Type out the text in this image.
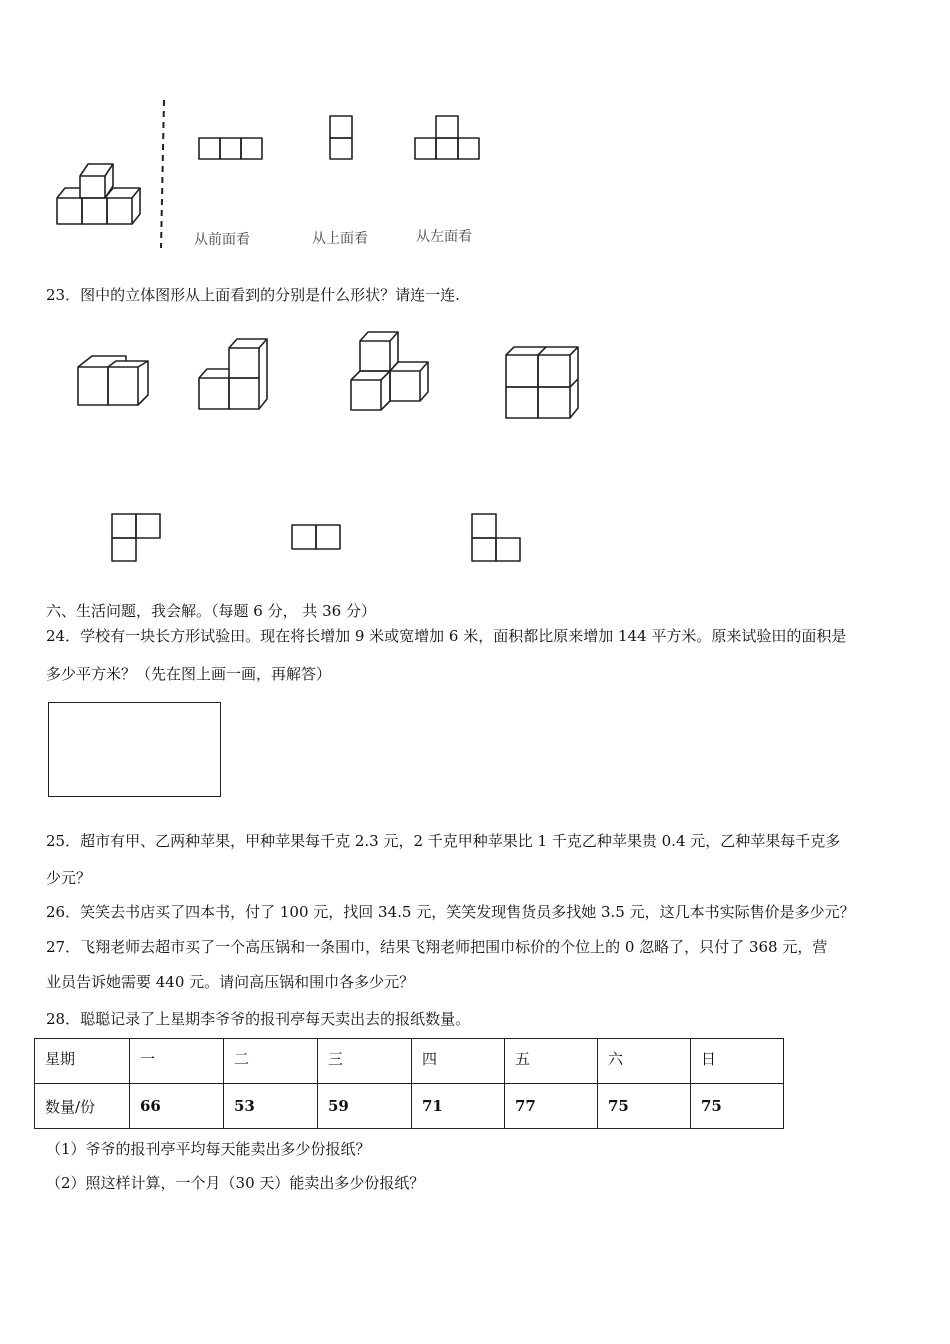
从前面看	从上面看	从左面看
23．图中的立体图形从上面看到的分别是什么形状？请连一连.
六、生活问题，我会解。（每题 6 分， 共 36 分）
24．学校有一块长方形试验田。现在将长增加 9 米或宽增加 6 米，面积都比原来增加 144 平方米。原来试验田的面积是
多少平方米？（先在图上画一画，再解答）
25．超市有甲、乙两种苹果，甲种苹果每千克 2.3 元，2 千克甲种苹果比 1 千克乙种苹果贵 0.4 元，乙种苹果每千克多
少元？
26．笑笑去书店买了四本书，付了 100 元，找回 34.5 元，笑笑发现售货员多找她 3.5 元，这几本书实际售价是多少元？
27．飞翔老师去超市买了一个高压锅和一条围巾，结果飞翔老师把围巾标价的个位上的 0 忽略了，只付了 368 元，营
业员告诉她需要 440 元。请问高压锅和围巾各多少元？
28．聪聪记录了上星期李爷爷的报刊亭每天卖出去的报纸数量。
星期	一	二	三	四	五	六	日
数量/份	66	53	59	71	77	75	75
（1）爷爷的报刊亭平均每天能卖出多少份报纸？
（2）照这样计算，一个月（30 天）能卖出多少份报纸？
